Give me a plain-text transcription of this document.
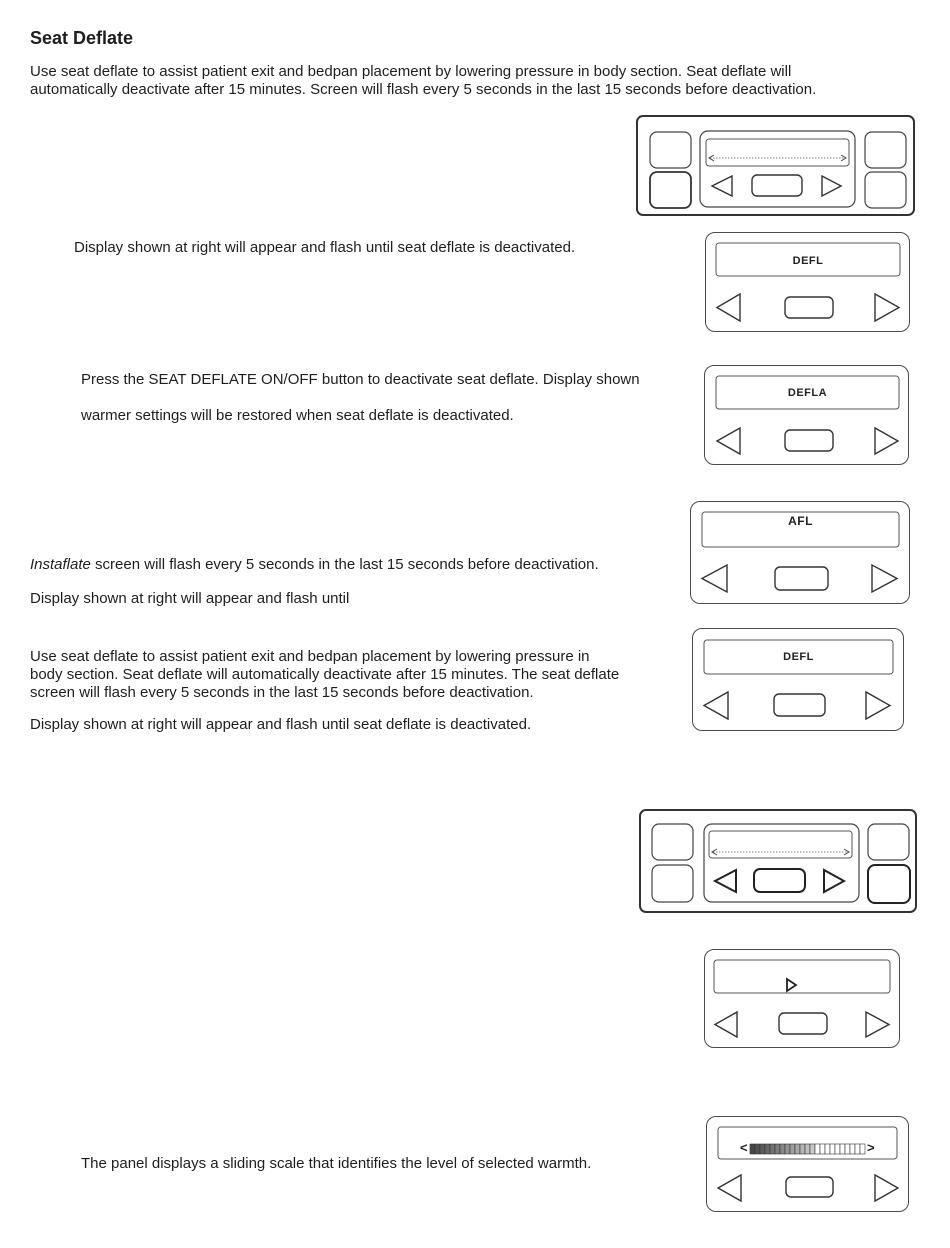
Seat Deflate
Use seat deflate to assist patient exit and bedpan placement by lowering pressure in body section. Seat deflate will
automatically deactivate after 15 minutes. Screen will flash every 5 seconds in the last 15 seconds before deactivation.
Display shown at right will appear and flash until seat deflate is deactivated.
DEFL
Press the SEAT DEFLATE ON/OFF button to deactivate seat deflate. Display shown
warmer settings will be restored when seat deflate is deactivated.
DEFLA
AFL
Instaflate screen will flash every 5 seconds in the last 15 seconds before deactivation.
Display shown at right will appear and flash until
DEFL
Use seat deflate to assist patient exit and bedpan placement by lowering pressure in
body section. Seat deflate will automatically deactivate after 15 minutes. The seat deflate
screen will flash every 5 seconds in the last 15 seconds before deactivation.
Display shown at right will appear and flash until seat deflate is deactivated.
<	>
The panel displays a sliding scale that identifies the level of selected warmth.
